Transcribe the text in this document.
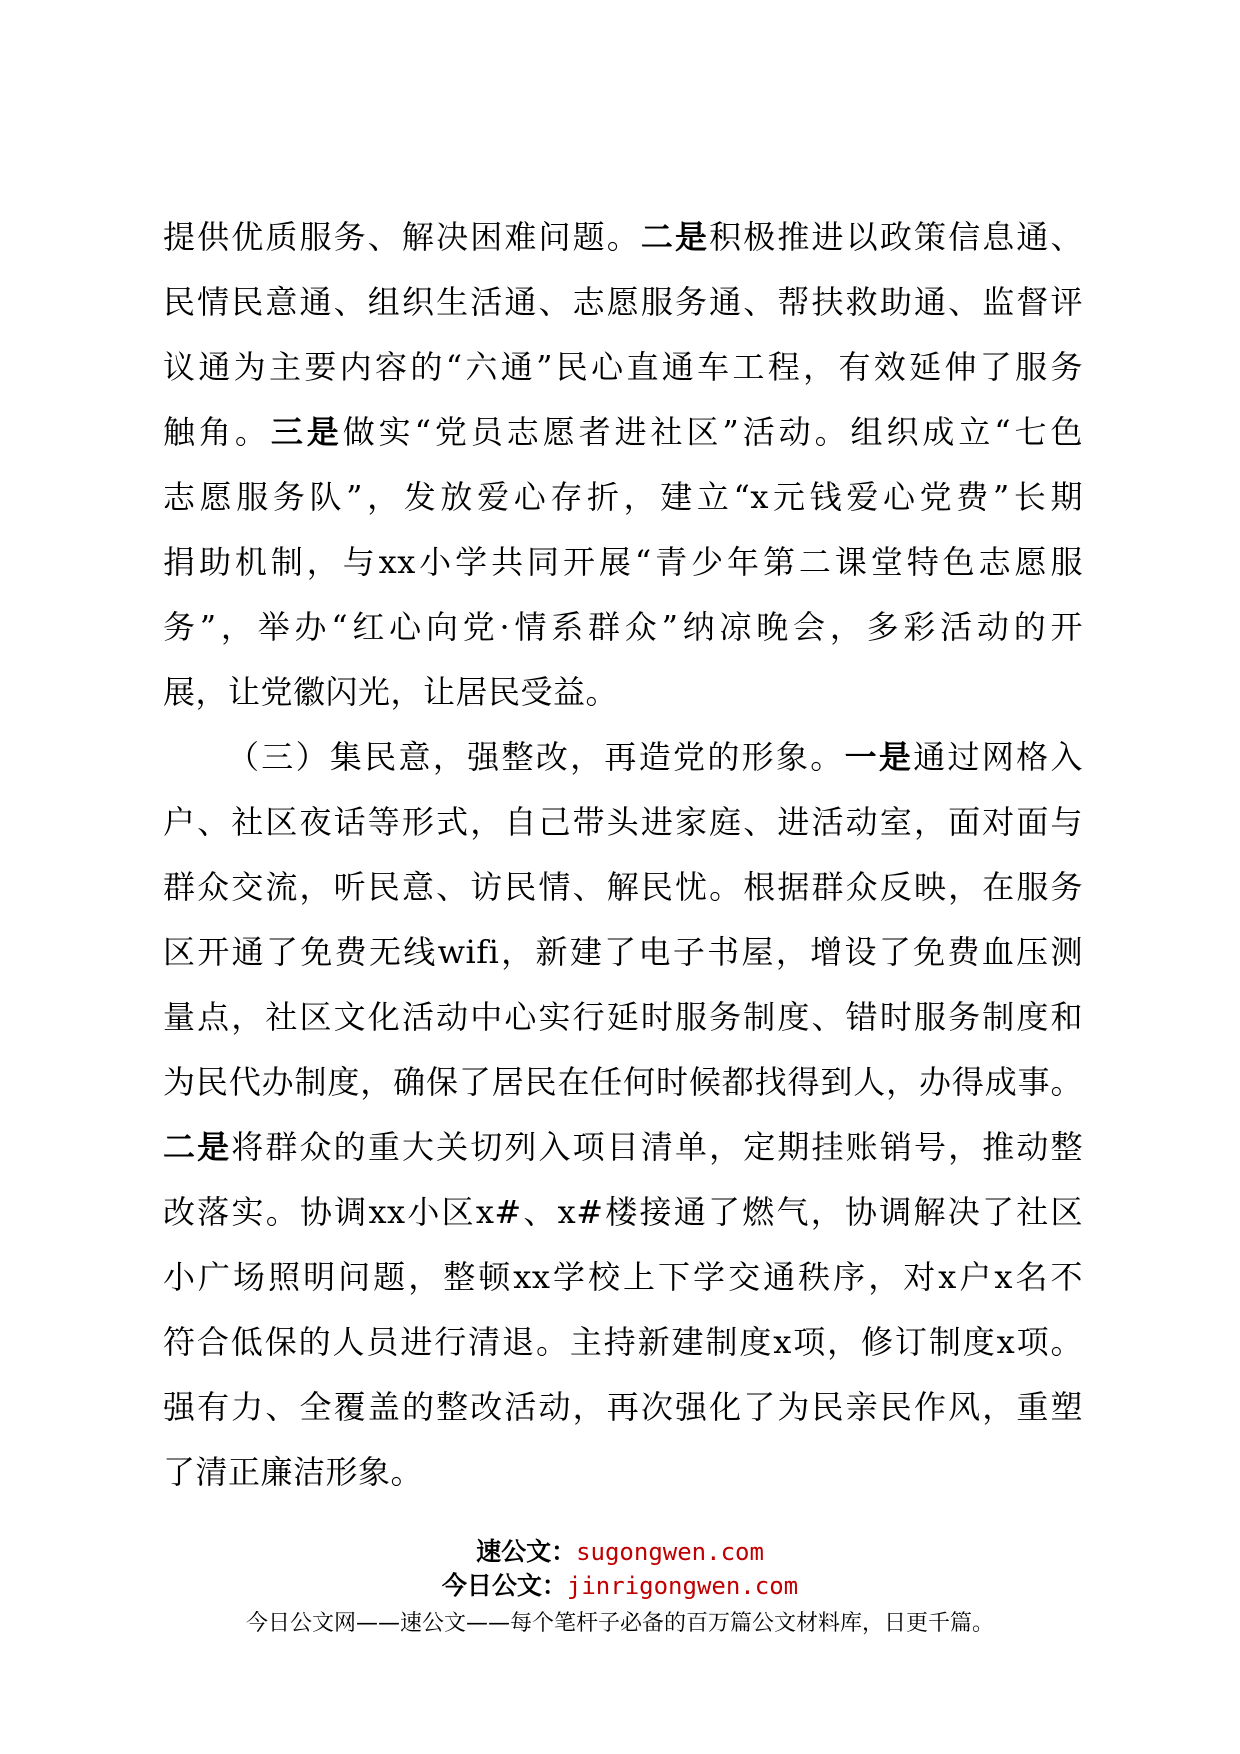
提供优质服务、解决困难问题。二是积极推进以政策信息通、
民情民意通、组织生活通、志愿服务通、帮扶救助通、监督评
议通为主要内容的“六通”民心直通车工程，有效延伸了服务
触角。三是做实“党员志愿者进社区”活动。组织成立“七色
志愿服务队”，发放爱心存折，建立“x元钱爱心党费”长期
捐助机制，与xx小学共同开展“青少年第二课堂特色志愿服
务”，举办“红心向党·情系群众”纳凉晚会，多彩活动的开
展，让党徽闪光，让居民受益。
（三）集民意，强整改，再造党的形象。一是通过网格入
户、社区夜话等形式，自己带头进家庭、进活动室，面对面与
群众交流，听民意、访民情、解民忧。根据群众反映，在服务
区开通了免费无线wifi，新建了电子书屋，增设了免费血压测
量点，社区文化活动中心实行延时服务制度、错时服务制度和
为民代办制度，确保了居民在任何时候都找得到人，办得成事。
二是将群众的重大关切列入项目清单，定期挂账销号，推动整
改落实。协调xx小区x#、x#楼接通了燃气，协调解决了社区
小广场照明问题，整顿xx学校上下学交通秩序，对x户x名不
符合低保的人员进行清退。主持新建制度x项，修订制度x项。
强有力、全覆盖的整改活动，再次强化了为民亲民作风，重塑
了清正廉洁形象。
速公文：sugongwen.com
今日公文：jinrigongwen.com
今日公文网——速公文——每个笔杆子必备的百万篇公文材料库，日更千篇。
